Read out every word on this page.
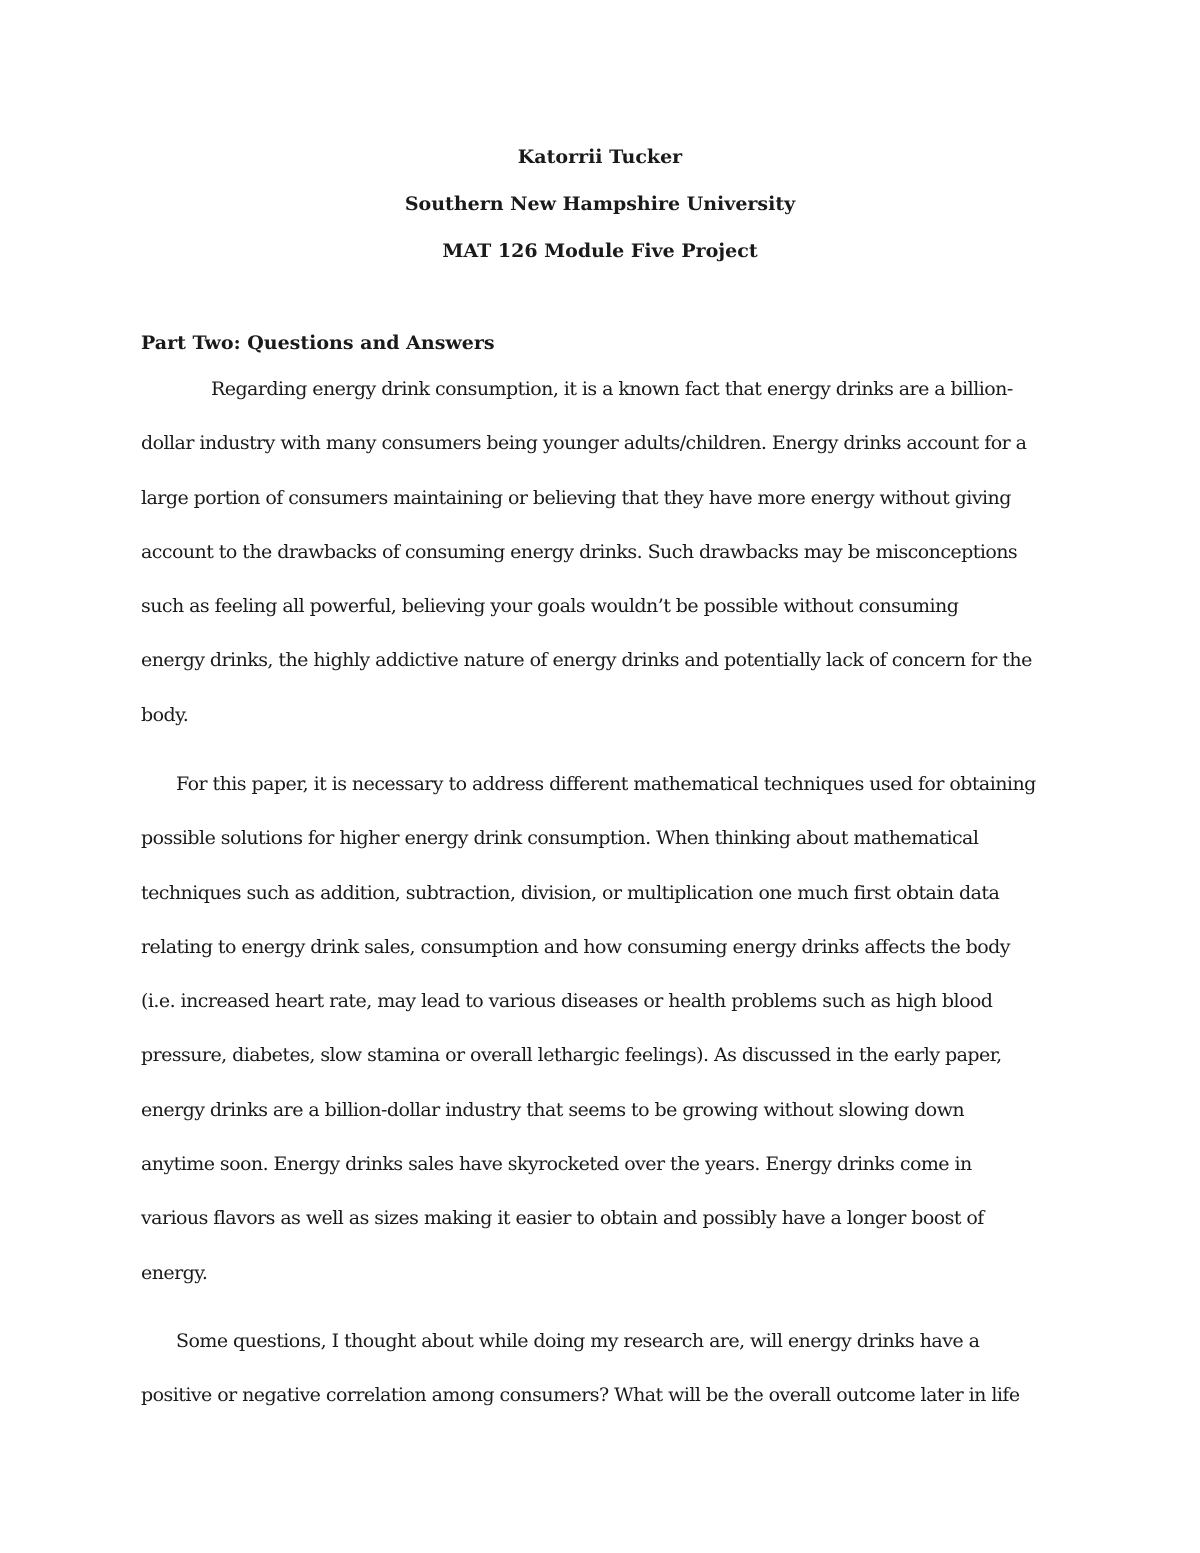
Katorrii Tucker
Southern New Hampshire University
MAT 126 Module Five Project
Part Two: Questions and Answers
Regarding energy drink consumption, it is a known fact that energy drinks are a billion-
dollar industry with many consumers being younger adults/children. Energy drinks account for a
large portion of consumers maintaining or believing that they have more energy without giving
account to the drawbacks of consuming energy drinks. Such drawbacks may be misconceptions
such as feeling all powerful, believing your goals wouldn’t be possible without consuming
energy drinks, the highly addictive nature of energy drinks and potentially lack of concern for the
body.
For this paper, it is necessary to address different mathematical techniques used for obtaining
possible solutions for higher energy drink consumption. When thinking about mathematical
techniques such as addition, subtraction, division, or multiplication one much first obtain data
relating to energy drink sales, consumption and how consuming energy drinks affects the body
(i.e. increased heart rate, may lead to various diseases or health problems such as high blood
pressure, diabetes, slow stamina or overall lethargic feelings). As discussed in the early paper,
energy drinks are a billion-dollar industry that seems to be growing without slowing down
anytime soon. Energy drinks sales have skyrocketed over the years. Energy drinks come in
various flavors as well as sizes making it easier to obtain and possibly have a longer boost of
energy.
Some questions, I thought about while doing my research are, will energy drinks have a
positive or negative correlation among consumers? What will be the overall outcome later in life
